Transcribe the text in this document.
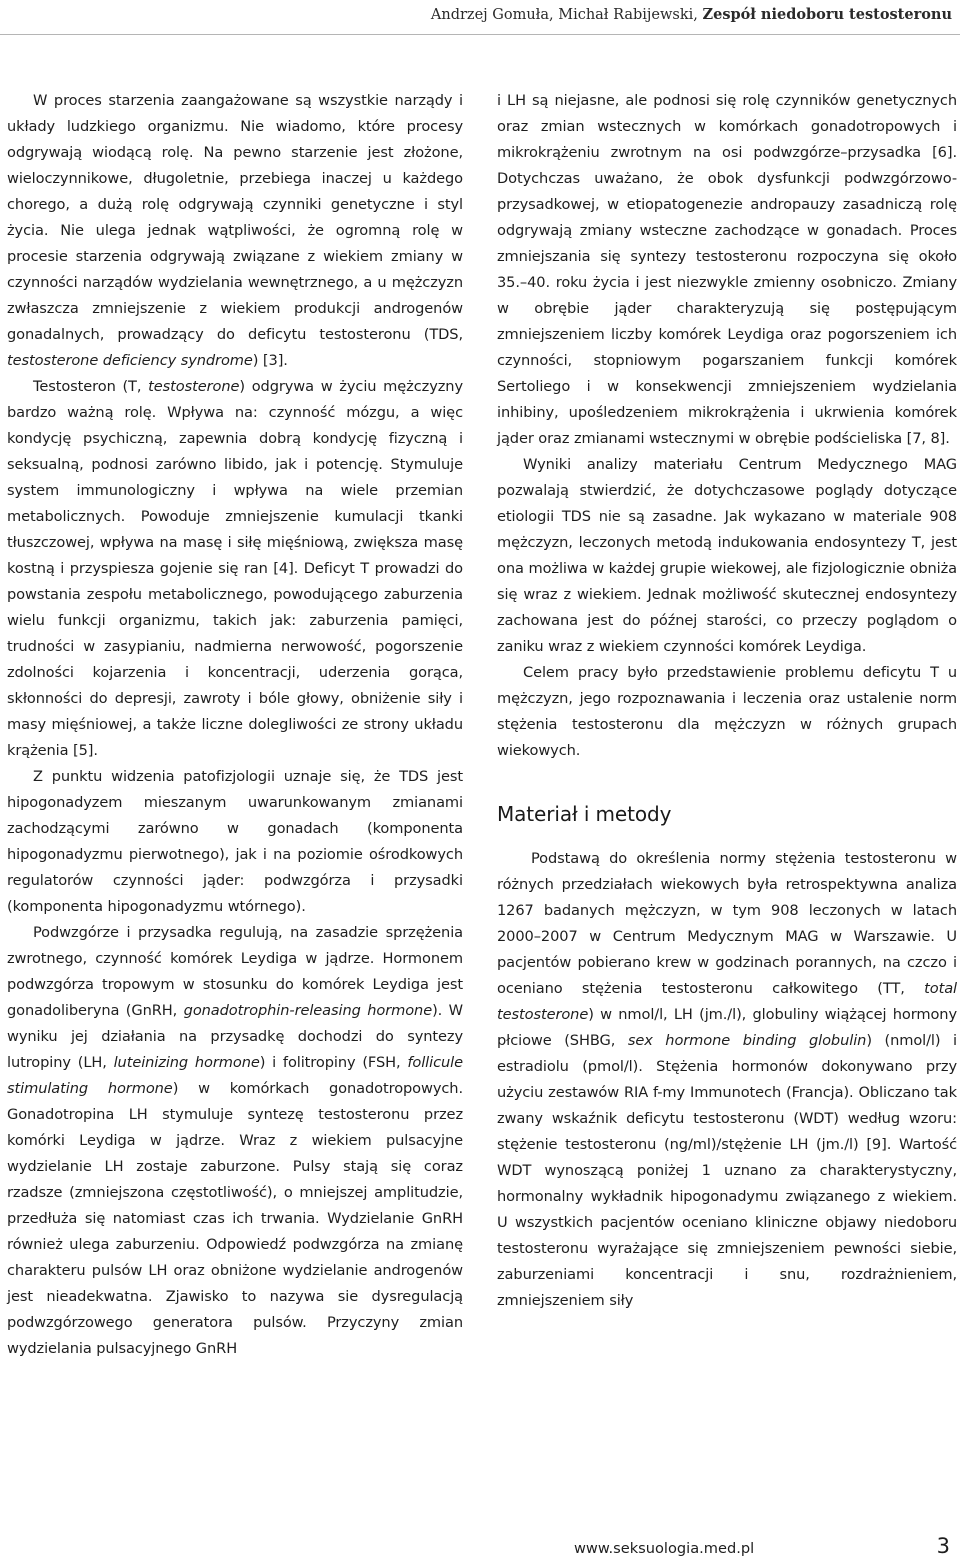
Andrzej Gomuła, Michał Rabijewski, Zespół niedoboru testosteronu

W proces starzenia zaangażowane są wszystkie narządy i układy ludzkiego organizmu. Nie wiadomo, które procesy odgrywają wiodącą rolę. Na pewno starzenie jest złożone, wieloczynnikowe, długoletnie, przebiega inaczej u każdego chorego, a dużą rolę odgrywają czynniki genetyczne i styl życia. Nie ulega jednak wątpliwości, że ogromną rolę w procesie starzenia odgrywają związane z wiekiem zmiany w czynności narządów wydzielania wewnętrznego, a u mężczyzn zwłaszcza zmniejszenie z wiekiem produkcji androgenów gonadalnych, prowadzący do deficytu testosteronu (TDS, testosterone deficiency syndrome) [3].

Testosteron (T, testosterone) odgrywa w życiu mężczyzny bardzo ważną rolę. Wpływa na: czynność mózgu, a więc kondycję psychiczną, zapewnia dobrą kondycję fizyczną i seksualną, podnosi zarówno libido, jak i potencję. Stymuluje system immunologiczny i wpływa na wiele przemian metabolicznych. Powoduje zmniejszenie kumulacji tkanki tłuszczowej, wpływa na masę i siłę mięśniową, zwiększa masę kostną i przyspiesza gojenie się ran [4]. Deficyt T prowadzi do powstania zespołu metabolicznego, powodującego zaburzenia wielu funkcji organizmu, takich jak: zaburzenia pamięci, trudności w zasypianiu, nadmierna nerwowość, pogorszenie zdolności kojarzenia i koncentracji, uderzenia gorąca, skłonności do depresji, zawroty i bóle głowy, obniżenie siły i masy mięśniowej, a także liczne dolegliwości ze strony układu krążenia [5].

Z punktu widzenia patofizjologii uznaje się, że TDS jest hipogonadyzem mieszanym uwarunkowanym zmianami zachodzącymi zarówno w gonadach (komponenta hipogonadyzmu pierwotnego), jak i na poziomie ośrodkowych regulatorów czynności jąder: podwzgórza i przysadki (komponenta hipogonadyzmu wtórnego).

Podwzgórze i przysadka regulują, na zasadzie sprzężenia zwrotnego, czynność komórek Leydiga w jądrze. Hormonem podwzgórza tropowym w stosunku do komórek Leydiga jest gonadoliberyna (GnRH, gonadotrophin-releasing hormone). W wyniku jej działania na przysadkę dochodzi do syntezy lutropiny (LH, luteinizing hormone) i folitropiny (FSH, follicule stimulating hormone) w komórkach gonadotropowych. Gonadotropina LH stymuluje syntezę testosteronu przez komórki Leydiga w jądrze. Wraz z wiekiem pulsacyjne wydzielanie LH zostaje zaburzone. Pulsy stają się coraz rzadsze (zmniejszona częstotliwość), o mniejszej amplitudzie, przedłuża się natomiast czas ich trwania. Wydzielanie GnRH również ulega zaburzeniu. Odpowiedź podwzgórza na zmianę charakteru pulsów LH oraz obniżone wydzielanie androgenów jest nieadekwatna. Zjawisko to nazywa sie dysregulacją podwzgórzowego generatora pulsów. Przyczyny zmian wydzielania pulsacyjnego GnRH

i LH są niejasne, ale podnosi się rolę czynników genetycznych oraz zmian wstecznych w komórkach gonadotropowych i mikrokrążeniu zwrotnym na osi podwzgórze–przysadka [6]. Dotychczas uważano, że obok dysfunkcji podwzgórzowo-przysadkowej, w etiopatogenezie andropauzy zasadniczą rolę odgrywają zmiany wsteczne zachodzące w gonadach. Proces zmniejszania się syntezy testosteronu rozpoczyna się około 35.–40. roku życia i jest niezwykle zmienny osobniczo. Zmiany w obrębie jąder charakteryzują się postępującym zmniejszeniem liczby komórek Leydiga oraz pogorszeniem ich czynności, stopniowym pogarszaniem funkcji komórek Sertoliego i w konsekwencji zmniejszeniem wydzielania inhibiny, upośledzeniem mikrokrążenia i ukrwienia komórek jąder oraz zmianami wstecznymi w obrębie podścieliska [7, 8].

Wyniki analizy materiału Centrum Medycznego MAG pozwalają stwierdzić, że dotychczasowe poglądy dotyczące etiologii TDS nie są zasadne. Jak wykazano w materiale 908 mężczyzn, leczonych metodą indukowania endosyntezy T, jest ona możliwa w każdej grupie wiekowej, ale fizjologicznie obniża się wraz z wiekiem. Jednak możliwość skutecznej endosyntezy zachowana jest do późnej starości, co przeczy poglądom o zaniku wraz z wiekiem czynności komórek Leydiga.

Celem pracy było przedstawienie problemu deficytu T u mężczyzn, jego rozpoznawania i leczenia oraz ustalenie norm stężenia testosteronu dla mężczyzn w różnych grupach wiekowych.

Materiał i metody

Podstawą do określenia normy stężenia testosteronu w różnych przedziałach wiekowych była retrospektywna analiza 1267 badanych mężczyzn, w tym 908 leczonych w latach 2000–2007 w Centrum Medycznym MAG w Warszawie. U pacjentów pobierano krew w godzinach porannych, na czczo i oceniano stężenia testosteronu całkowitego (TT, total testosterone) w nmol/l, LH (jm./l), globuliny wiążącej hormony płciowe (SHBG, sex hormone binding globulin) (nmol/l) i estradiolu (pmol/l). Stężenia hormonów dokonywano przy użyciu zestawów RIA f-my Immunotech (Francja). Obliczano tak zwany wskaźnik deficytu testosteronu (WDT) według wzoru: stężenie testosteronu (ng/ml)/stężenie LH (jm./l) [9]. Wartość WDT wynoszącą poniżej 1 uznano za charakterystyczny, hormonalny wykładnik hipogonadymu związanego z wiekiem. U wszystkich pacjentów oceniano kliniczne objawy niedoboru testosteronu wyrażające się zmniejszeniem pewności siebie, zaburzeniami koncentracji i snu, rozdrażnieniem, zmniejszeniem siły

www.seksuologia.med.pl	3
